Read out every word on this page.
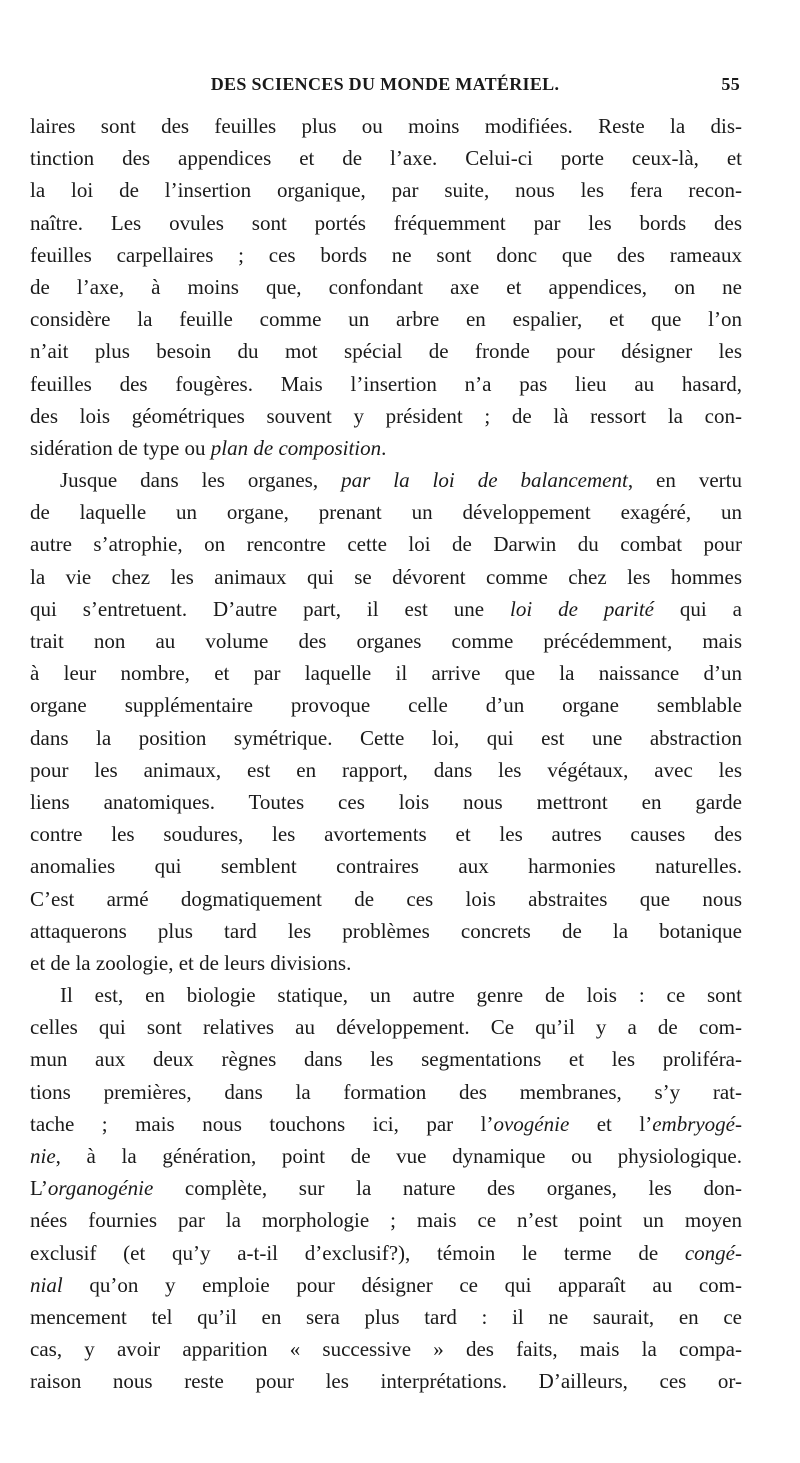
DES SCIENCES DU MONDE MATÉRIEL.	55
laires sont des feuilles plus ou moins modifiées. Reste la dis-
tinction des appendices et de l’axe. Celui-ci porte ceux-là, et
la loi de l’insertion organique, par suite, nous les fera recon-
naître. Les ovules sont portés fréquemment par les bords des
feuilles carpellaires ; ces bords ne sont donc que des rameaux
de l’axe, à moins que, confondant axe et appendices, on ne
considère la feuille comme un arbre en espalier, et que l’on
n’ait plus besoin du mot spécial de fronde pour désigner les
feuilles des fougères. Mais l’insertion n’a pas lieu au hasard,
des lois géométriques souvent y président ; de là ressort la con-
sidération de type ou plan de composition.
Jusque dans les organes, par la loi de balancement, en vertu
de laquelle un organe, prenant un développement exagéré, un
autre s’atrophie, on rencontre cette loi de Darwin du combat pour
la vie chez les animaux qui se dévorent comme chez les hommes
qui s’entretuent. D’autre part, il est une loi de parité qui a
trait non au volume des organes comme précédemment, mais
à leur nombre, et par laquelle il arrive que la naissance d’un
organe supplémentaire provoque celle d’un organe semblable
dans la position symétrique. Cette loi, qui est une abstraction
pour les animaux, est en rapport, dans les végétaux, avec les
liens anatomiques. Toutes ces lois nous mettront en garde
contre les soudures, les avortements et les autres causes des
anomalies qui semblent contraires aux harmonies naturelles.
C’est armé dogmatiquement de ces lois abstraites que nous
attaquerons plus tard les problèmes concrets de la botanique
et de la zoologie, et de leurs divisions.
Il est, en biologie statique, un autre genre de lois : ce sont
celles qui sont relatives au développement. Ce qu’il y a de com-
mun aux deux règnes dans les segmentations et les proliféra-
tions premières, dans la formation des membranes, s’y rat-
tache ; mais nous touchons ici, par l’ovogénie et l’embryogé-
nie, à la génération, point de vue dynamique ou physiologique.
L’organogénie complète, sur la nature des organes, les don-
nées fournies par la morphologie ; mais ce n’est point un moyen
exclusif (et qu’y a-t-il d’exclusif?), témoin le terme de congé-
nial qu’on y emploie pour désigner ce qui apparaît au com-
mencement tel qu’il en sera plus tard : il ne saurait, en ce
cas, y avoir apparition « successive » des faits, mais la compa-
raison nous reste pour les interprétations. D’ailleurs, ces or-
